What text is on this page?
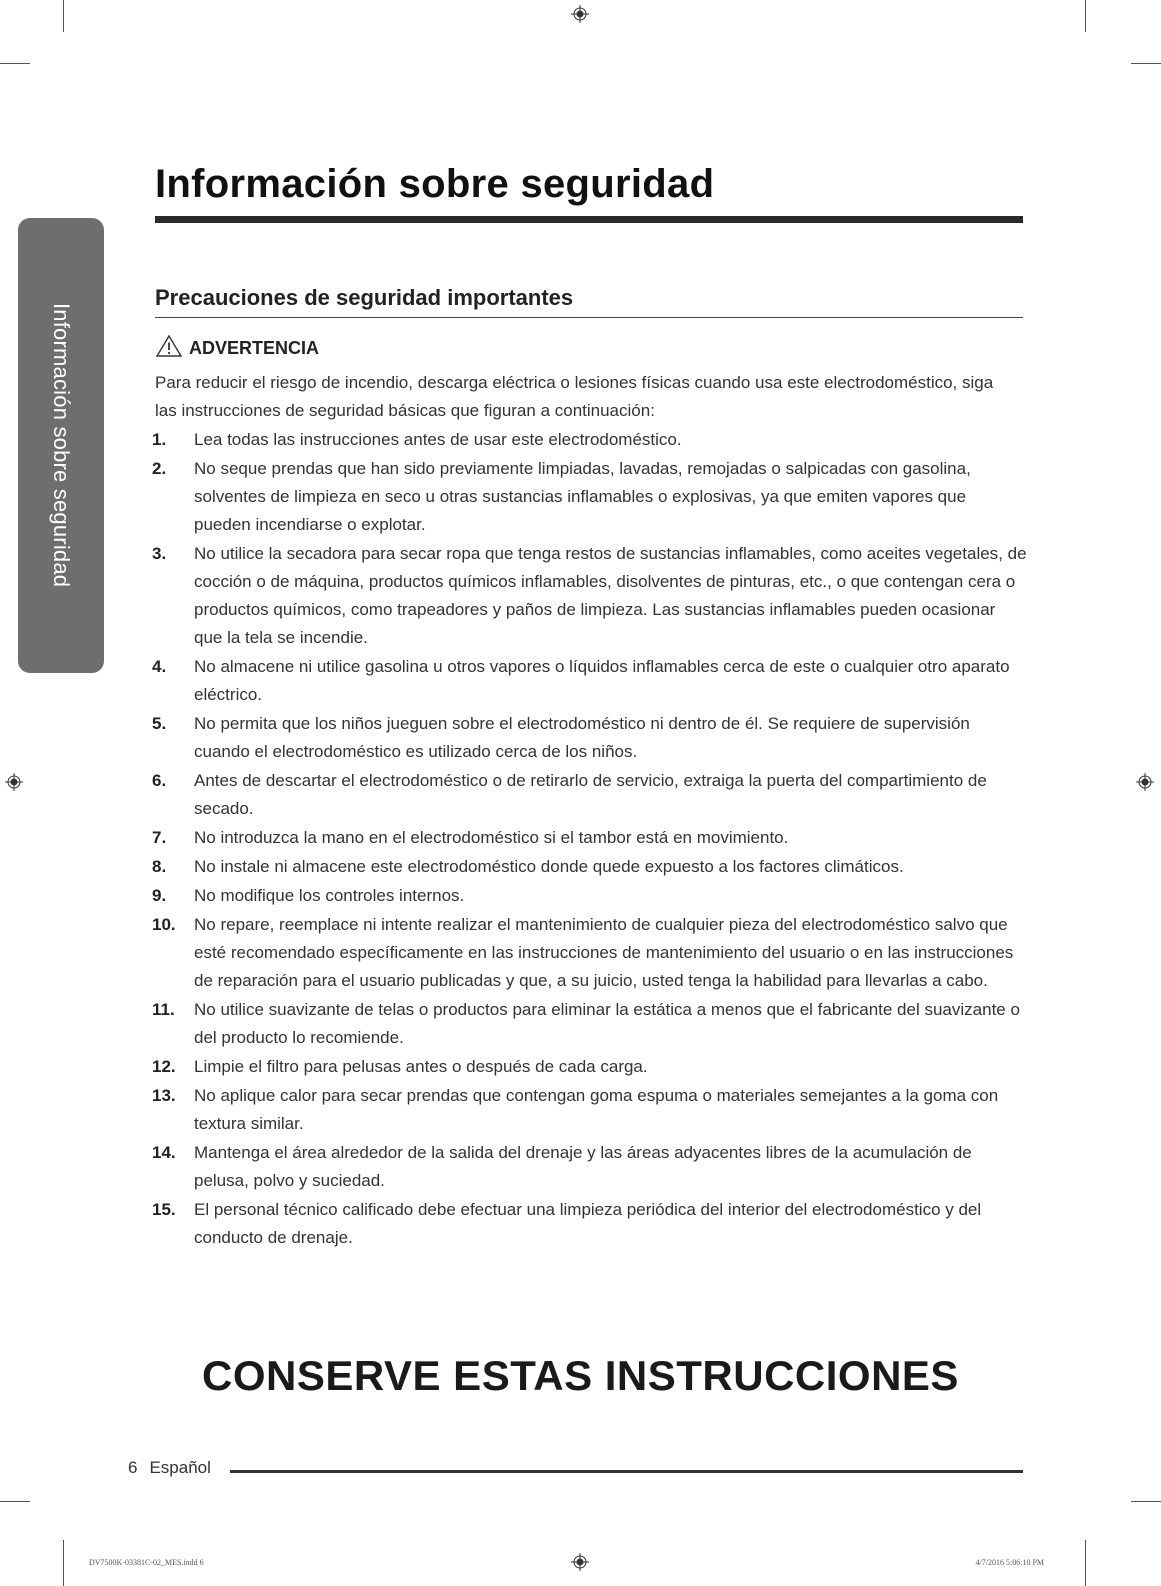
Información sobre seguridad
Información sobre seguridad
Precauciones de seguridad importantes
ADVERTENCIA

Para reducir el riesgo de incendio, descarga eléctrica o lesiones físicas cuando usa este electrodoméstico, siga las instrucciones de seguridad básicas que figuran a continuación:

1.	Lea todas las instrucciones antes de usar este electrodoméstico.
2.	No seque prendas que han sido previamente limpiadas, lavadas, remojadas o salpicadas con gasolina, solventes de limpieza en seco u otras sustancias inflamables o explosivas, ya que emiten vapores que pueden incendiarse o explotar.
3.	No utilice la secadora para secar ropa que tenga restos de sustancias inflamables, como aceites vegetales, de cocción o de máquina, productos químicos inflamables, disolventes de pinturas, etc., o que contengan cera o productos químicos, como trapeadores y paños de limpieza. Las sustancias inflamables pueden ocasionar que la tela se incendie.
4.	No almacene ni utilice gasolina u otros vapores o líquidos inflamables cerca de este o cualquier otro aparato eléctrico.
5.	No permita que los niños jueguen sobre el electrodoméstico ni dentro de él. Se requiere de supervisión cuando el electrodoméstico es utilizado cerca de los niños.
6.	Antes de descartar el electrodoméstico o de retirarlo de servicio, extraiga la puerta del compartimiento de secado.
7.	No introduzca la mano en el electrodoméstico si el tambor está en movimiento.
8.	No instale ni almacene este electrodoméstico donde quede expuesto a los factores climáticos.
9.	No modifique los controles internos.
10.	No repare, reemplace ni intente realizar el mantenimiento de cualquier pieza del electrodoméstico salvo que esté recomendado específicamente en las instrucciones de mantenimiento del usuario o en las instrucciones de reparación para el usuario publicadas y que, a su juicio, usted tenga la habilidad para llevarlas a cabo.
11.	No utilice suavizante de telas o productos para eliminar la estática a menos que el fabricante del suavizante o del producto lo recomiende.
12.	Limpie el filtro para pelusas antes o después de cada carga.
13.	No aplique calor para secar prendas que contengan goma espuma o materiales semejantes a la goma con textura similar.
14.	Mantenga el área alrededor de la salida del drenaje y las áreas adyacentes libres de la acumulación de pelusa, polvo y suciedad.
15.	El personal técnico calificado debe efectuar una limpieza periódica del interior del electrodoméstico y del conducto de drenaje.
CONSERVE ESTAS INSTRUCCIONES
6 Español
DV7500K-03381C-02_MES.indd 6	4/7/2016 5:06:10 PM
